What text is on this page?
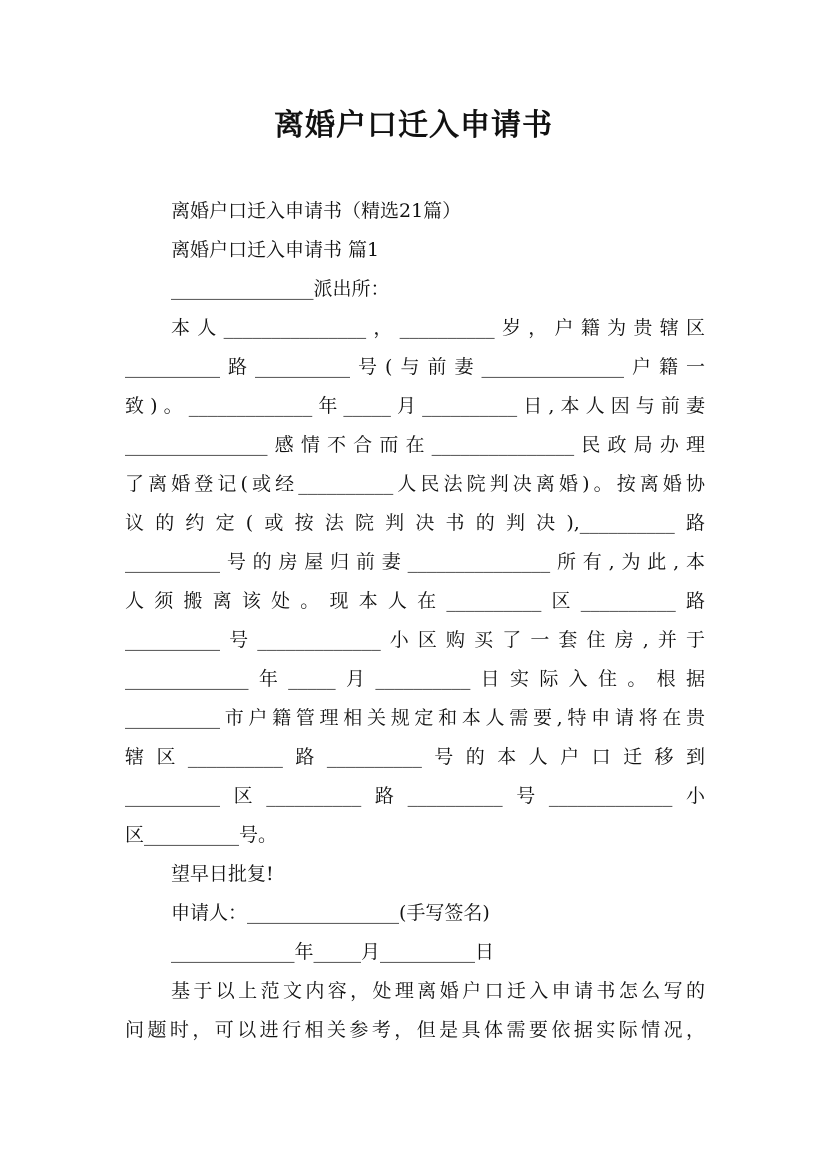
离婚户口迁入申请书
离婚户口迁入申请书（精选21篇）
离婚户口迁入申请书 篇1
_______________派出所：
本人_______________，__________岁，户籍为贵辖区
__________路__________号(与前妻_______________户籍一
致)。_____________年_____月__________日,本人因与前妻
_______________感情不合而在_______________民政局办理
了离婚登记(或经__________人民法院判决离婚)。按离婚协
议的约定(或按法院判决书的判决),__________路
__________号的房屋归前妻_______________所有,为此,本
人须搬离该处。现本人在__________区__________路
__________号_____________小区购买了一套住房,并于
_____________年_____月__________日实际入住。根据
__________市户籍管理相关规定和本人需要,特申请将在贵
辖区__________路__________号的本人户口迁移到
__________区__________路__________号_____________小
区__________号。
望早日批复!
申请人：________________(手写签名)
_____________年_____月__________日
基于以上范文内容，处理离婚户口迁入申请书怎么写的
问题时，可以进行相关参考，但是具体需要依据实际情况，
